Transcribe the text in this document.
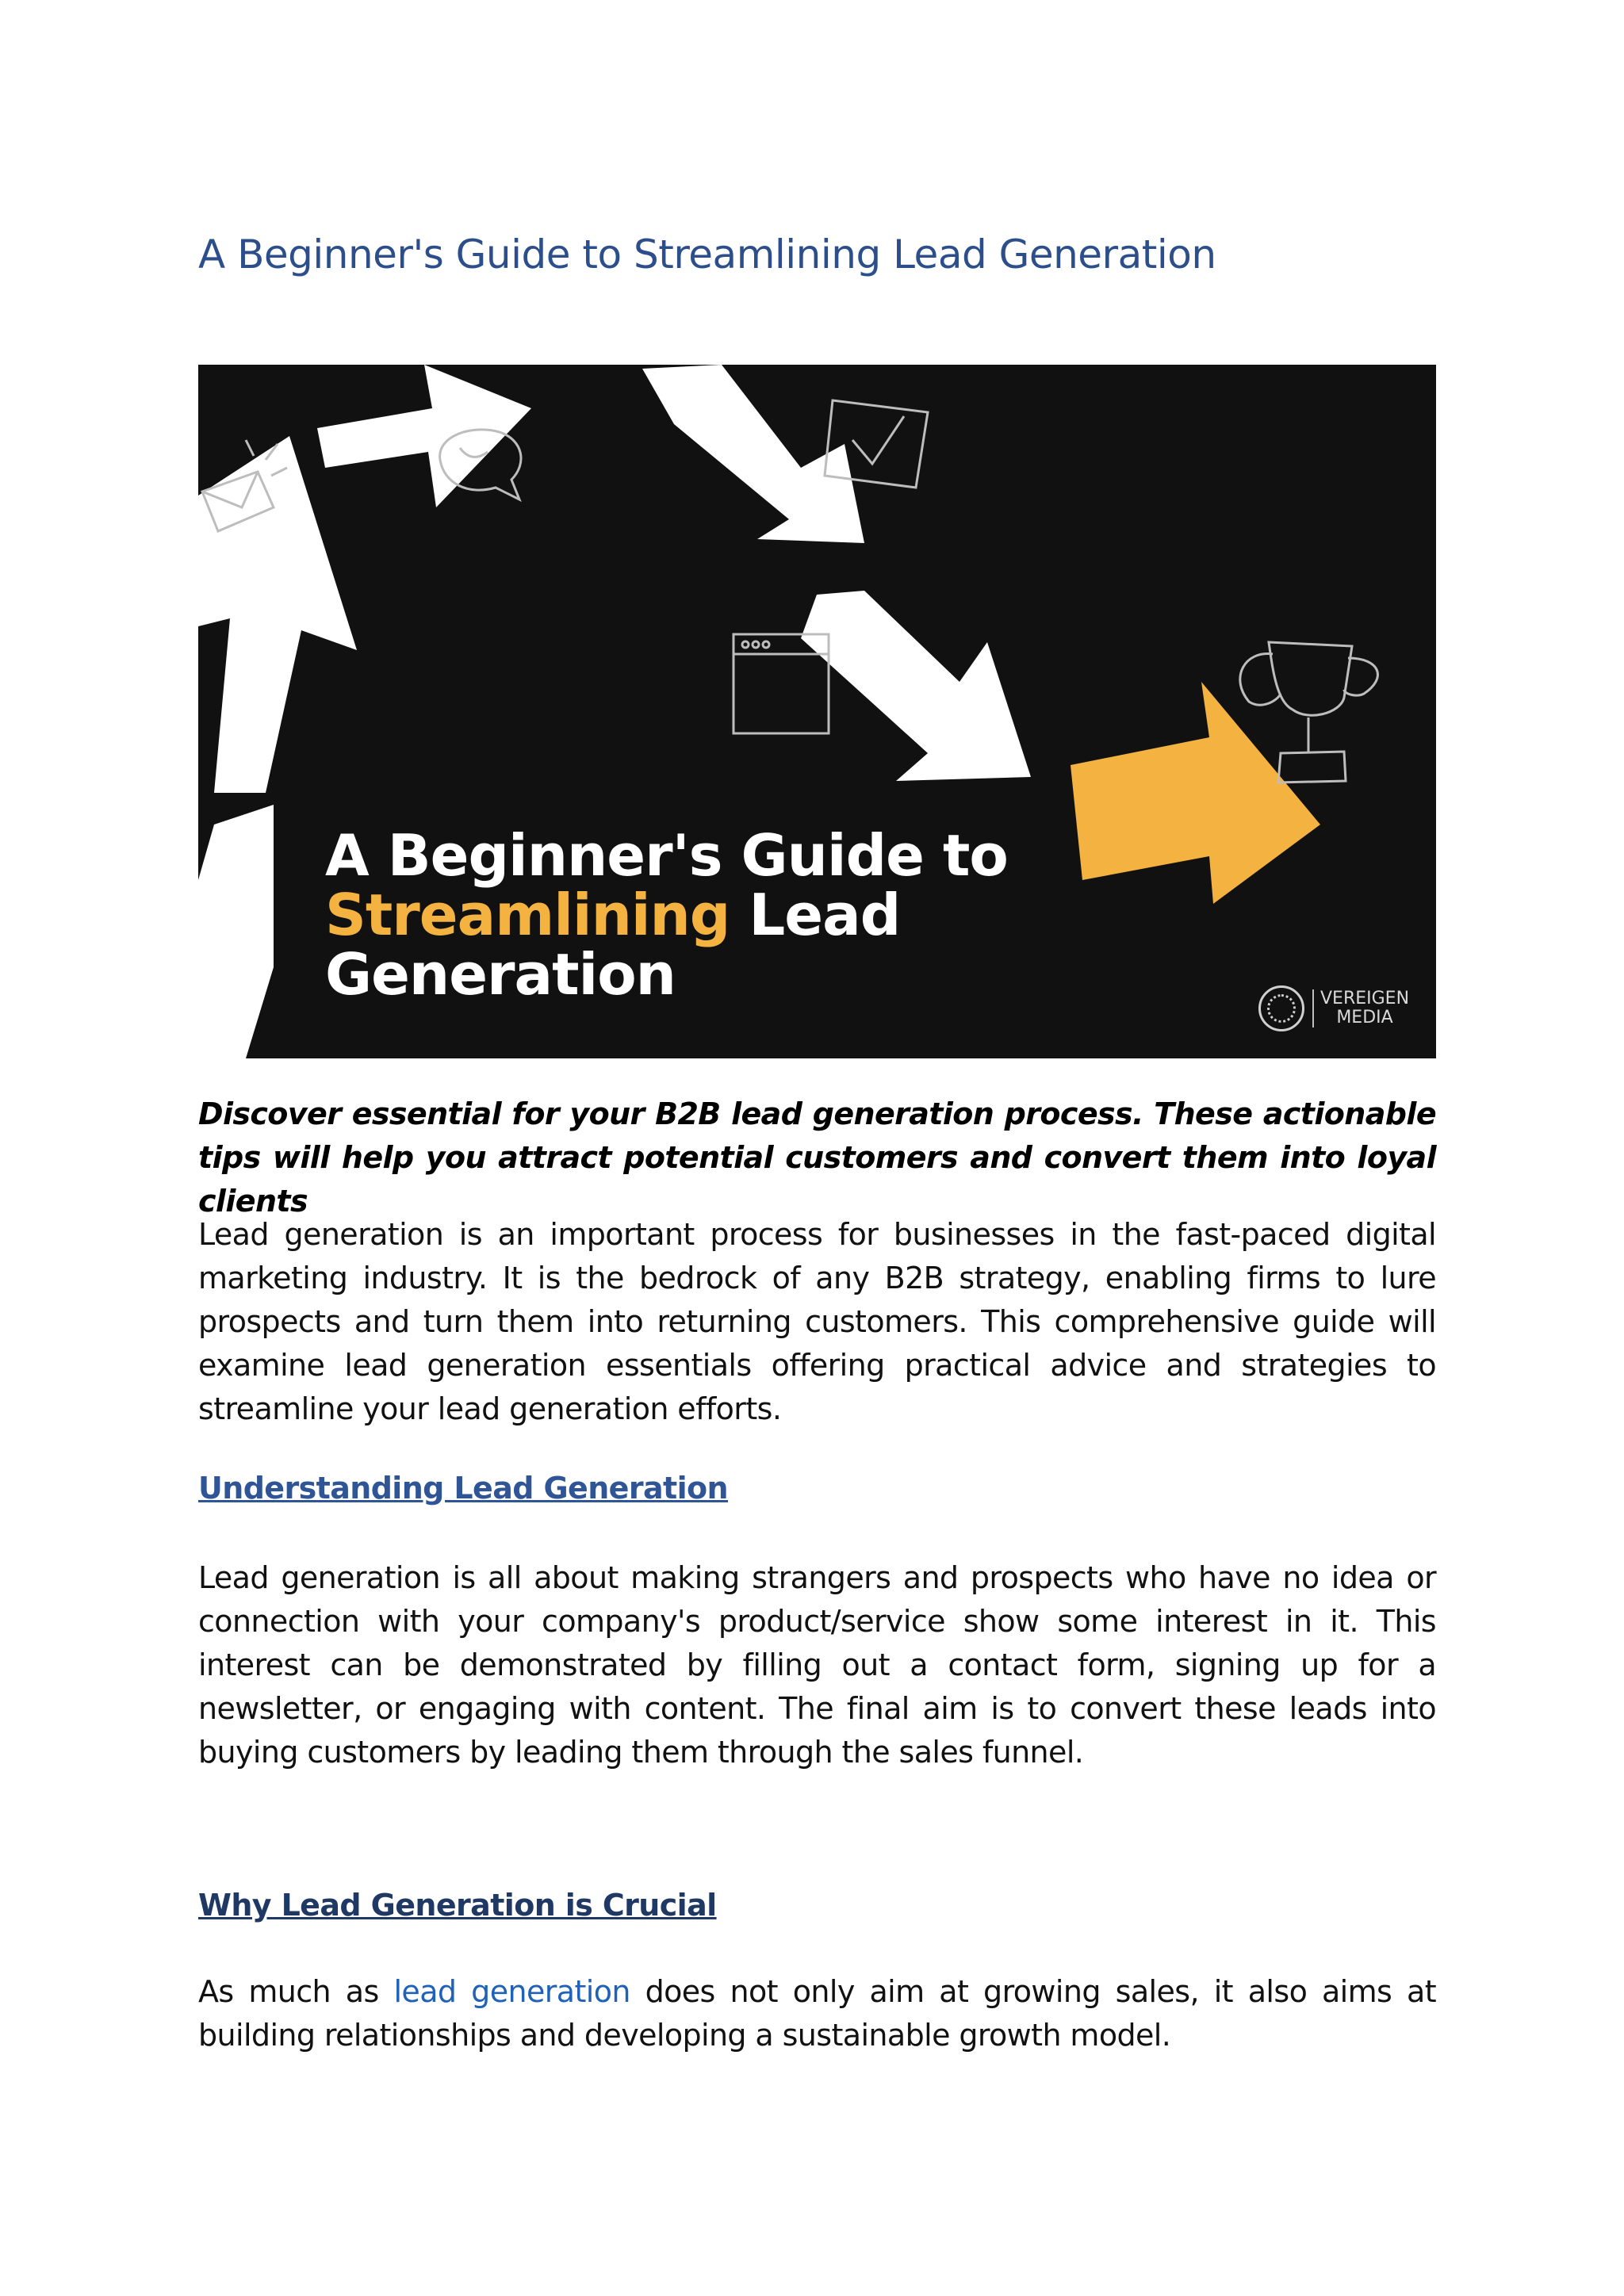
A Beginner's Guide to Streamlining Lead Generation
A Beginner's Guide to
Streamlining Lead
Generation	VEREIGEN
MEDIA
Discover essential for your B2B lead generation process. These actionable tips will help you attract potential customers and convert them into loyal clients
Lead generation is an important process for businesses in the fast-paced digital marketing industry. It is the bedrock of any B2B strategy, enabling firms to lure prospects and turn them into returning customers. This comprehensive guide will examine lead generation essentials offering practical advice and strategies to streamline your lead generation efforts.
Understanding Lead Generation
Lead generation is all about making strangers and prospects who have no idea or connection with your company's product/service show some interest in it. This interest can be demonstrated by filling out a contact form, signing up for a newsletter, or engaging with content. The final aim is to convert these leads into buying customers by leading them through the sales funnel.
Why Lead Generation is Crucial
As much as lead generation does not only aim at growing sales, it also aims at building relationships and developing a sustainable growth model.
